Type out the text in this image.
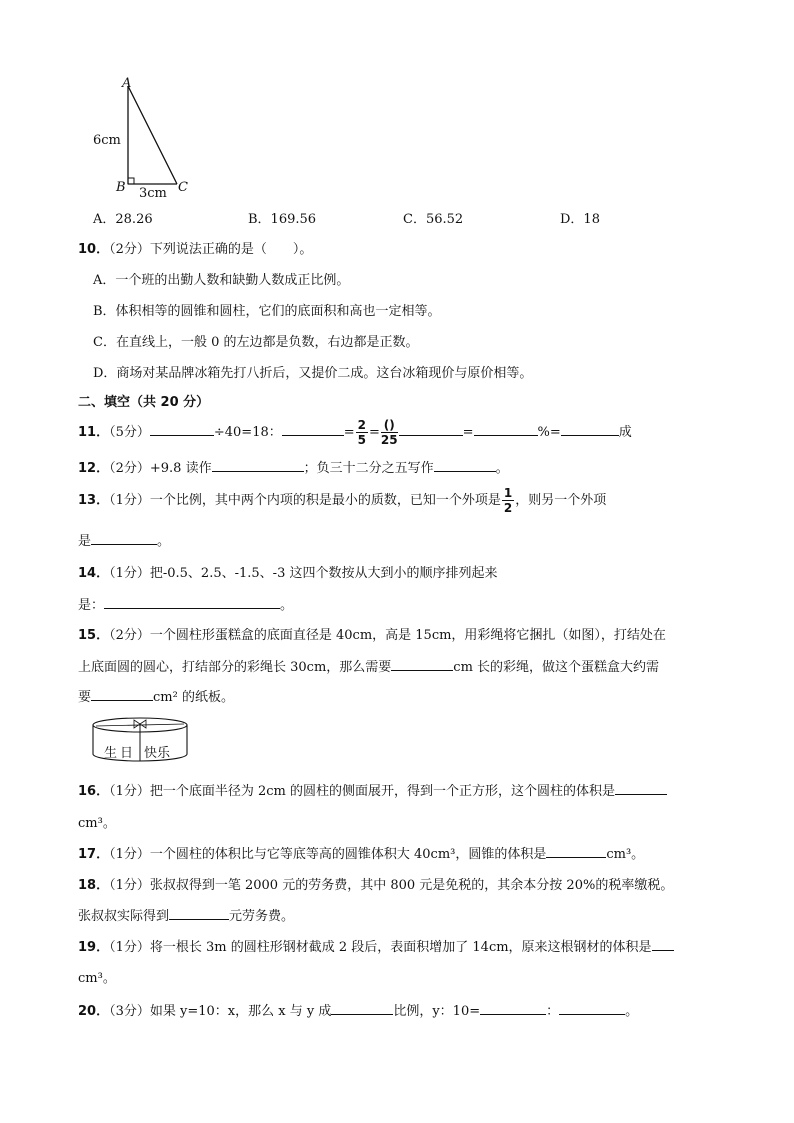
A
B	C
6cm
3cm
A．28.26	B．169.56	C．56.52	D．18
10．（2分）下列说法正确的是（　　）。
A．一个班的出勤人数和缺勤人数成正比例。
B．体积相等的圆锥和圆柱，它们的底面积和高也一定相等。
C．在直线上，一般 0 的左边都是负数，右边都是正数。
D．商场对某品牌冰箱先打八折后，又提价二成。这台冰箱现价与原价相等。
二、填空（共 20 分）
11．（5分）	÷40=18：	= $\frac{2}{5} = \frac{()}{25}$	=	%=	成
12．（2分）+9.8 读作	；负三十二分之五写作	。
13．（1分）一个比例，其中两个内项的积是最小的质数，已知一个外项是 $\frac{1}{2}$ ，则另一个外项
是	。
14．（1分）把-0.5、2.5、-1.5、-3 这四个数按从大到小的顺序排列起来
是：	。
15．（2分）一个圆柱形蛋糕盒的底面直径是 40cm，高是 15cm，用彩绳将它捆扎（如图），打结处在
上底面圆的圆心，打结部分的彩绳长 30cm，那么需要	cm 长的彩绳，做这个蛋糕盒大约需
要	cm² 的纸板。
生日 快乐
16．（1分）把一个底面半径为 2cm 的圆柱的侧面展开，得到一个正方形，这个圆柱的体积是
cm³。
17．（1分）一个圆柱的体积比与它等底等高的圆锥体积大 40cm³，圆锥的体积是	cm³。
18．（1分）张叔叔得到一笔 2000 元的劳务费，其中 800 元是免税的，其余本分按 20%的税率缴税。
张叔叔实际得到	元劳务费。
19．（1分）将一根长 3m 的圆柱形钢材截成 2 段后，表面积增加了 14cm，原来这根钢材的体积是
cm³。
20．（3分）如果 y=10：x，那么 x 与 y 成	比例，y：10=	：	。
